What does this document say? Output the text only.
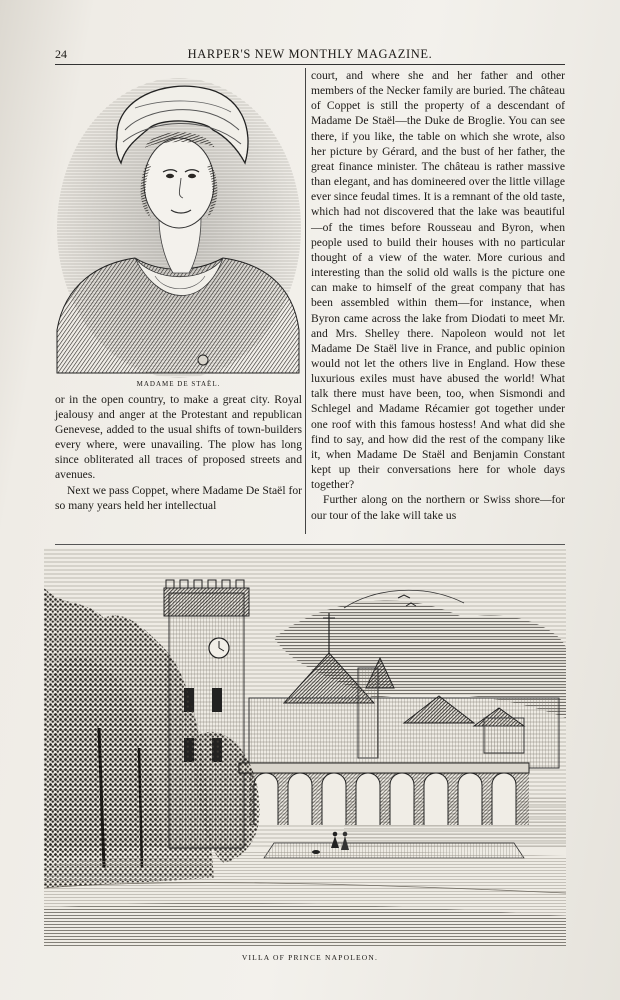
24	HARPER'S NEW MONTHLY MAGAZINE.
MADAME DE STAËL.

or in the open country, to make a great city. Royal jealousy and anger at the Protestant and republican Genevese, added to the usual shifts of town-builders every where, were unavailing. The plow has long since obliterated all traces of proposed streets and avenues.

Next we pass Coppet, where Madame De Staël for so many years held her intellectual

court, and where she and her father and other members of the Necker family are buried. The château of Coppet is still the property of a descendant of Madame De Staël—the Duke de Broglie. You can see there, if you like, the table on which she wrote, also her picture by Gérard, and the bust of her father, the great finance minister. The château is rather massive than elegant, and has domineered over the little village ever since feudal times. It is a remnant of the old taste, which had not discovered that the lake was beautiful—of the times before Rousseau and Byron, when people used to build their houses with no particular thought of a view of the water. More curious and interesting than the solid old walls is the picture one can make to himself of the great company that has been assembled within them—for instance, when Byron came across the lake from Diodati to meet Mr. and Mrs. Shelley there. Napoleon would not let Madame De Staël live in France, and public opinion would not let the others live in England. How these luxurious exiles must have abused the world! What talk there must have been, too, when Sismondi and Schlegel and Madame Récamier got together under one roof with this famous hostess! And what did she find to say, and how did the rest of the company like it, when Madame De Staël and Benjamin Constant kept up their conversations here for whole days together?

Further along on the northern or Swiss shore—for our tour of the lake will take us

VILLA OF PRINCE NAPOLEON.
